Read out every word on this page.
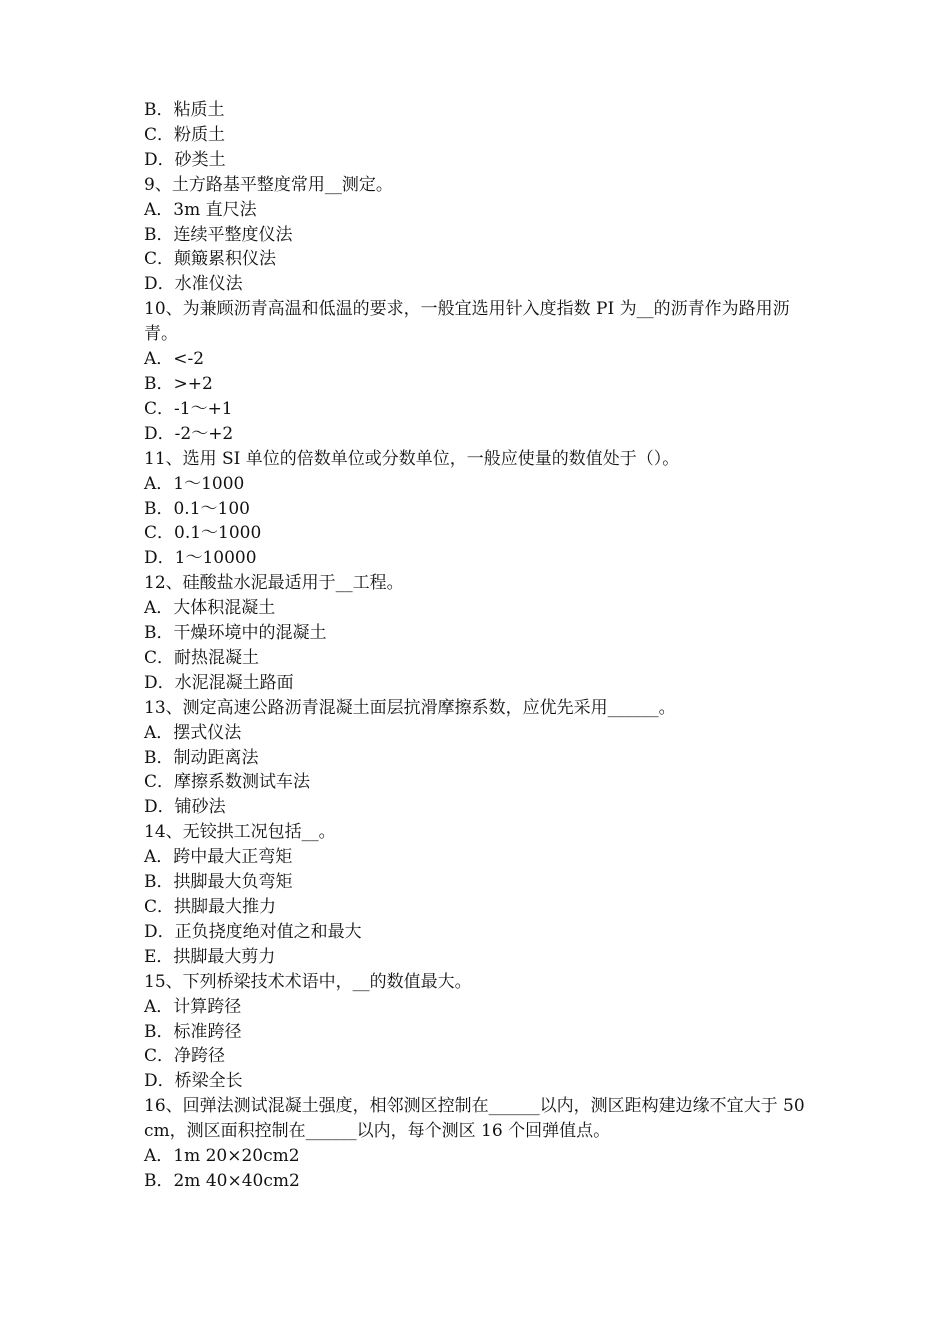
B．粘质土

C．粉质土

D．砂类土

9、土方路基平整度常用__测定。

A．3m 直尺法

B．连续平整度仪法

C．颠簸累积仪法

D．水准仪法

10、为兼顾沥青高温和低温的要求，一般宜选用针入度指数 PI 为__的沥青作为路用沥青。

A．<-2

B．>+2

C．-1～+1

D．-2～+2

11、选用 SI 单位的倍数单位或分数单位，一般应使量的数值处于（）。

A．1～1000

B．0.1～100

C．0.1～1000

D．1～10000

12、硅酸盐水泥最适用于__工程。

A．大体积混凝土

B．干燥环境中的混凝土

C．耐热混凝土

D．水泥混凝土路面

13、测定高速公路沥青混凝土面层抗滑摩擦系数，应优先采用______。

A．摆式仪法

B．制动距离法

C．摩擦系数测试车法

D．铺砂法

14、无铰拱工况包括__。

A．跨中最大正弯矩

B．拱脚最大负弯矩

C．拱脚最大推力

D．正负挠度绝对值之和最大

E．拱脚最大剪力

15、下列桥梁技术术语中，__的数值最大。

A．计算跨径

B．标准跨径

C．净跨径

D．桥梁全长

16、回弹法测试混凝土强度，相邻测区控制在______以内，测区距构建边缘不宜大于 50cm，测区面积控制在______以内，每个测区 16 个回弹值点。

A．1m 20×20cm2

B．2m 40×40cm2
